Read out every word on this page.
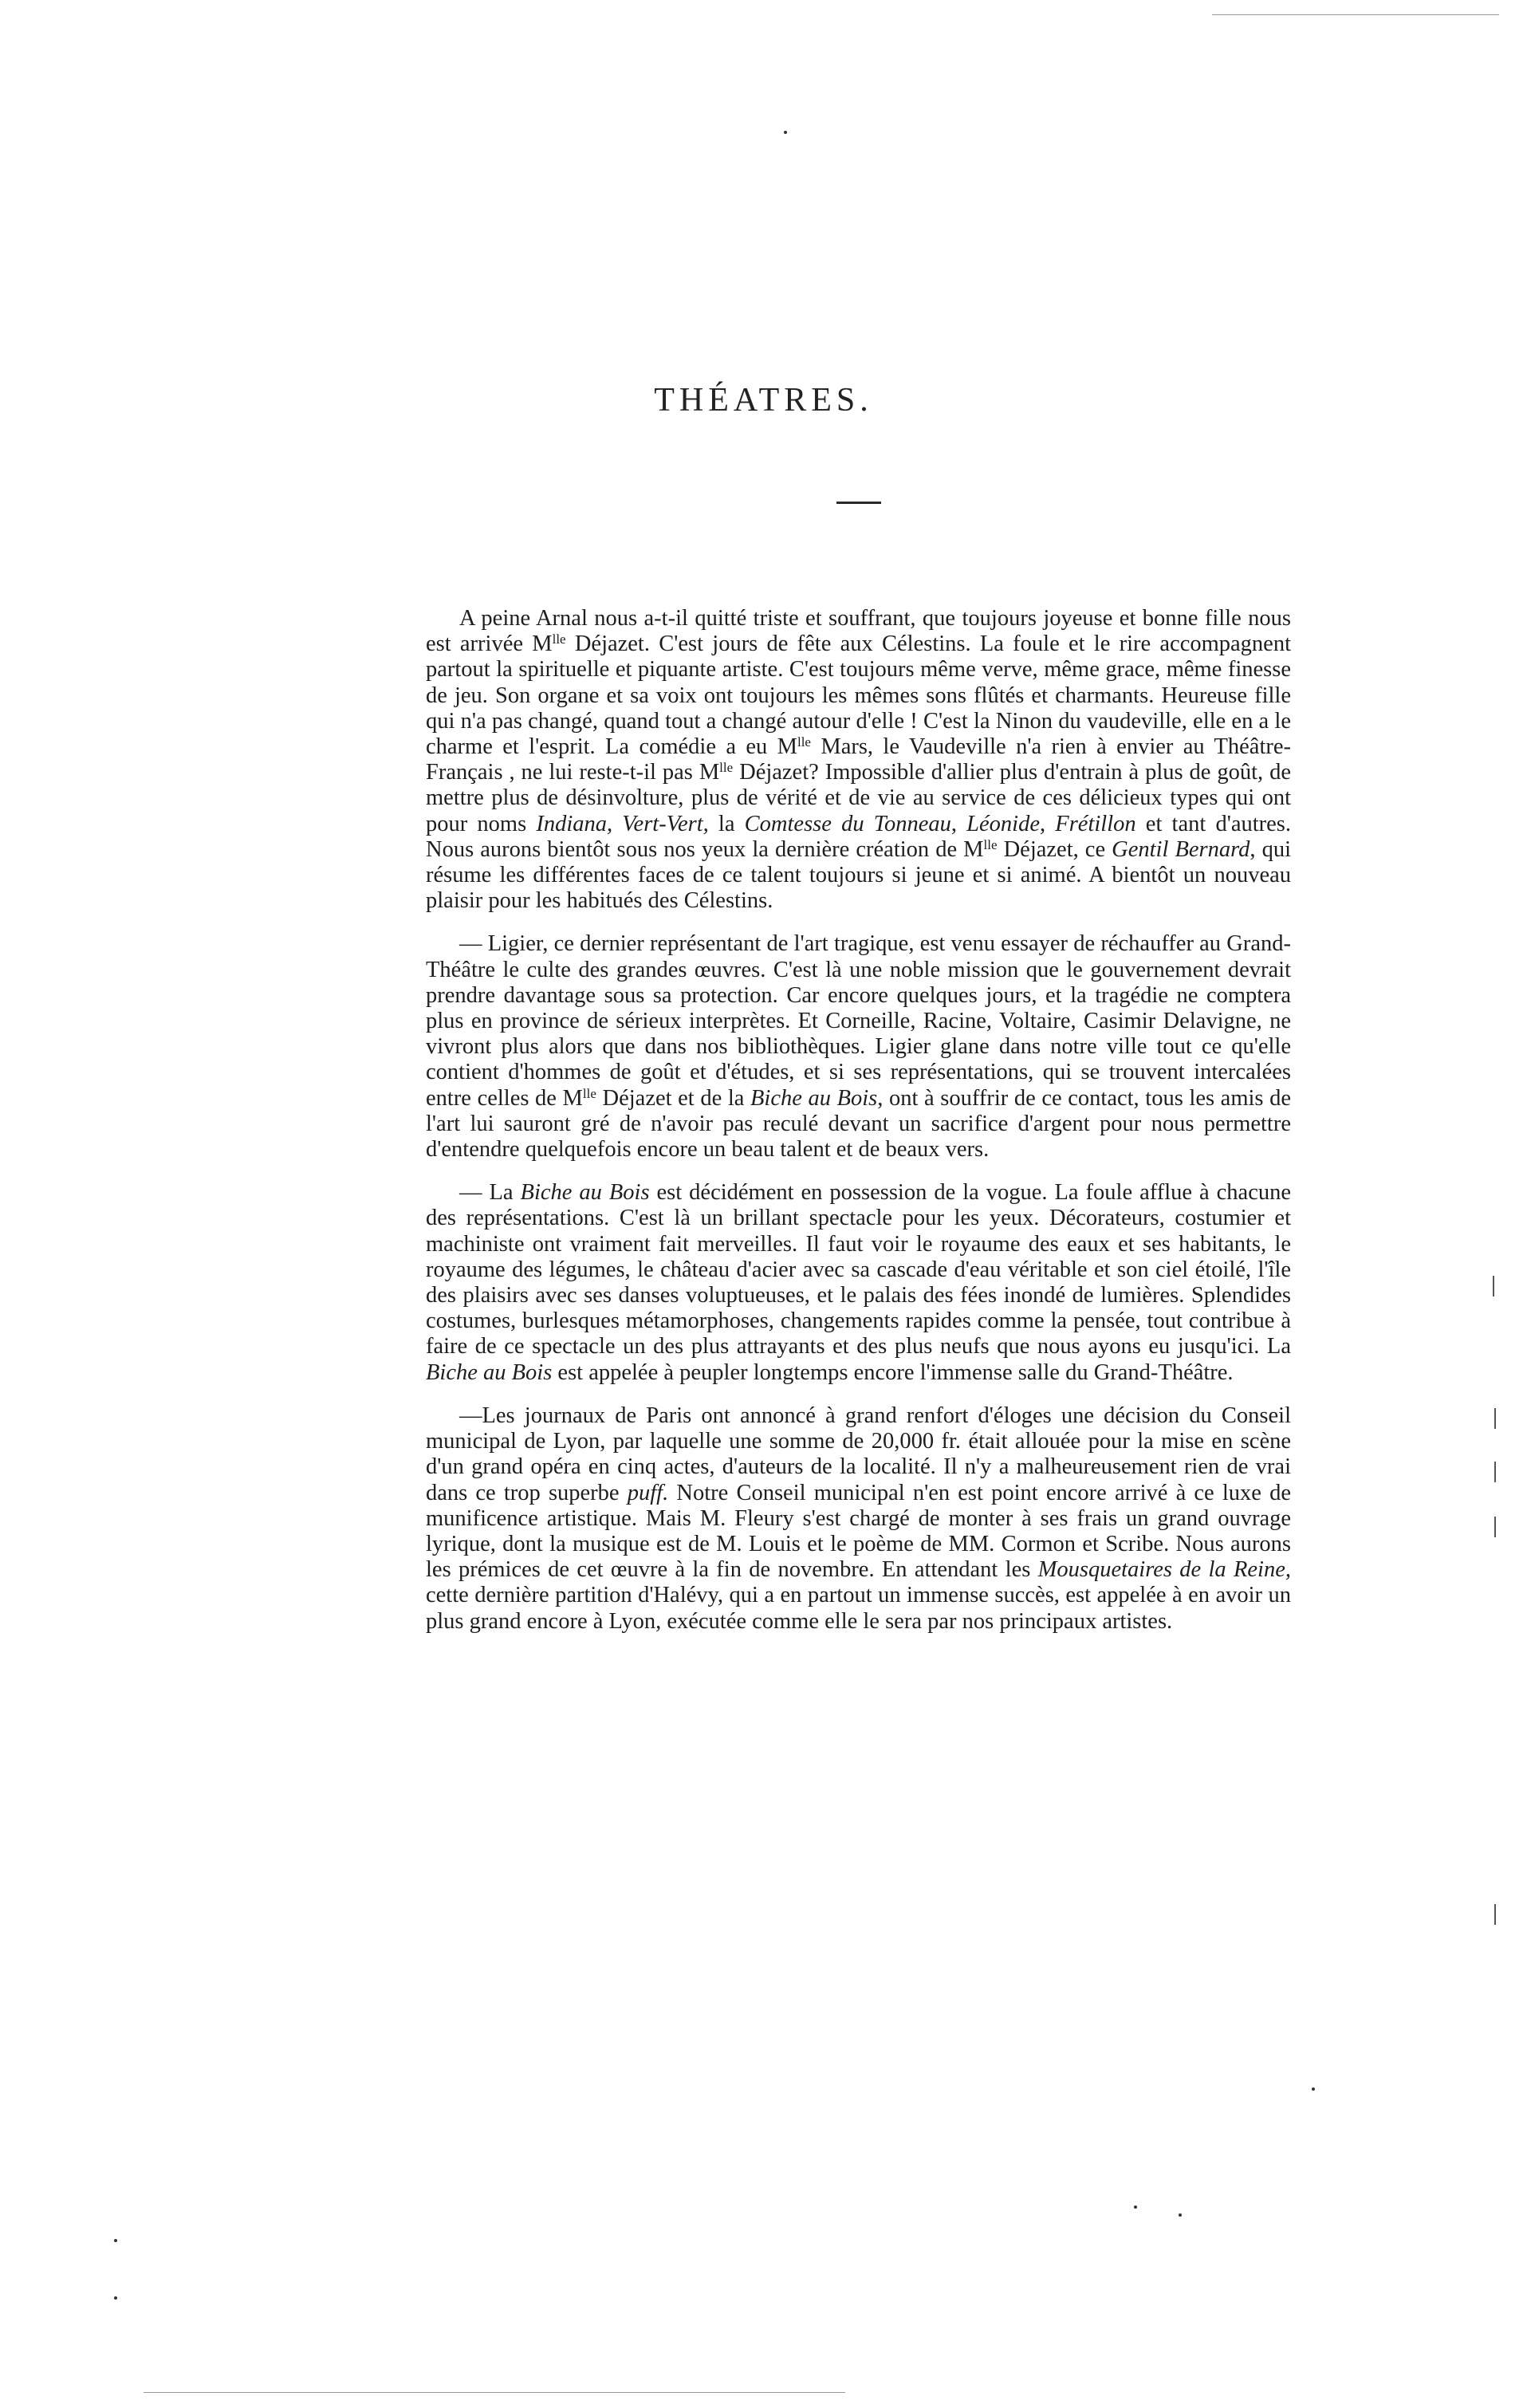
THÉATRES.

A peine Arnal nous a-t-il quitté triste et souffrant, que toujours joyeuse et bonne fille nous est arrivée $M^{lle}$ Déjazet. C'est jours de fête aux Célestins. La foule et le rire accompagnent partout la spirituelle et piquante artiste. C'est toujours même verve, même grace, même finesse de jeu. Son organe et sa voix ont toujours les mêmes sons flûtés et charmants. Heureuse fille qui n'a pas changé, quand tout a changé autour d'elle ! C'est la Ninon du vaudeville, elle en a le charme et l'esprit. La comédie a eu $M^{lle}$ Mars, le Vaudeville n'a rien à envier au Théâtre-Français , ne lui reste-t-il pas $M^{lle}$ Déjazet? Impossible d'allier plus d'entrain à plus de goût, de mettre plus de désinvolture, plus de vérité et de vie au service de ces délicieux types qui ont pour noms Indiana, Vert-Vert, la Comtesse du Tonneau, Léonide, Frétillon et tant d'autres. Nous aurons bientôt sous nos yeux la dernière création de $M^{lle}$ Déjazet, ce Gentil Bernard, qui résume les différentes faces de ce talent toujours si jeune et si animé. A bientôt un nouveau plaisir pour les habitués des Célestins.

— Ligier, ce dernier représentant de l'art tragique, est venu essayer de réchauffer au Grand-Théâtre le culte des grandes œuvres. C'est là une noble mission que le gouvernement devrait prendre davantage sous sa protection. Car encore quelques jours, et la tragédie ne comptera plus en province de sérieux interprètes. Et Corneille, Racine, Voltaire, Casimir Delavigne, ne vivront plus alors que dans nos bibliothèques. Ligier glane dans notre ville tout ce qu'elle contient d'hommes de goût et d'études, et si ses représentations, qui se trouvent intercalées entre celles de $M^{lle}$ Déjazet et de la Biche au Bois, ont à souffrir de ce contact, tous les amis de l'art lui sauront gré de n'avoir pas reculé devant un sacrifice d'argent pour nous permettre d'entendre quelquefois encore un beau talent et de beaux vers.

— La Biche au Bois est décidément en possession de la vogue. La foule afflue à chacune des représentations. C'est là un brillant spectacle pour les yeux. Décorateurs, costumier et machiniste ont vraiment fait merveilles. Il faut voir le royaume des eaux et ses habitants, le royaume des légumes, le château d'acier avec sa cascade d'eau véritable et son ciel étoilé, l'île des plaisirs avec ses danses voluptueuses, et le palais des fées inondé de lumières. Splendides costumes, burlesques métamorphoses, changements rapides comme la pensée, tout contribue à faire de ce spectacle un des plus attrayants et des plus neufs que nous ayons eu jusqu'ici. La Biche au Bois est appelée à peupler longtemps encore l'immense salle du Grand-Théâtre.

—Les journaux de Paris ont annoncé à grand renfort d'éloges une décision du Conseil municipal de Lyon, par laquelle une somme de 20,000 fr. était allouée pour la mise en scène d'un grand opéra en cinq actes, d'auteurs de la localité. Il n'y a malheureusement rien de vrai dans ce trop superbe puff. Notre Conseil municipal n'en est point encore arrivé à ce luxe de munificence artistique. Mais M. Fleury s'est chargé de monter à ses frais un grand ouvrage lyrique, dont la musique est de M. Louis et le poème de MM. Cormon et Scribe. Nous aurons les prémices de cet œuvre à la fin de novembre. En attendant les Mousquetaires de la Reine, cette dernière partition d'Halévy, qui a en partout un immense succès, est appelée à en avoir un plus grand encore à Lyon, exécutée comme elle le sera par nos principaux artistes.
